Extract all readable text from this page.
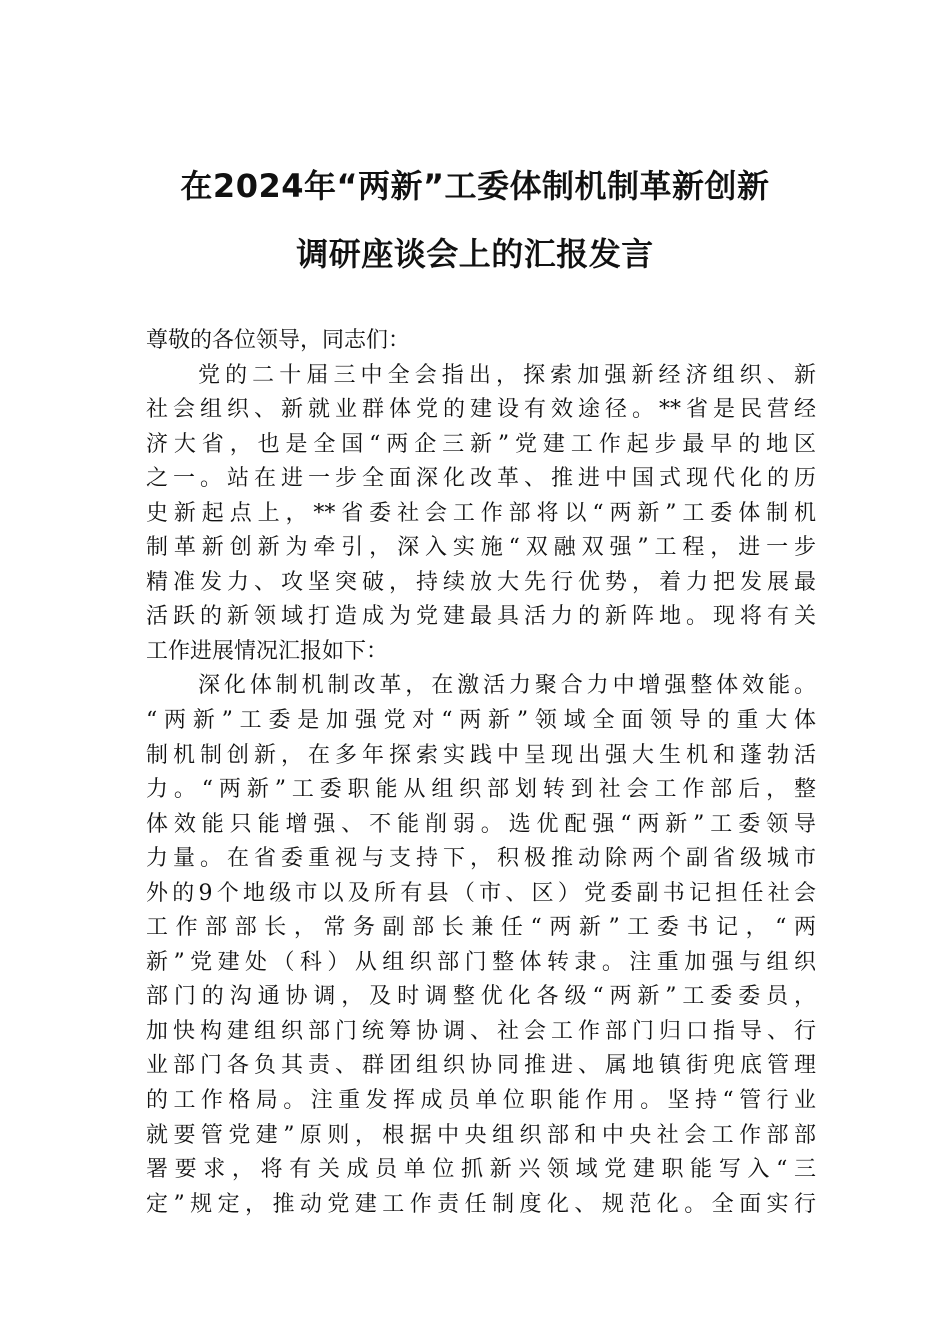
在2024年“两新”工委体制机制革新创新
调研座谈会上的汇报发言
尊敬的各位领导，同志们：
党的二十届三中全会指出，探索加强新经济组织、新
社会组织、新就业群体党的建设有效途径。**省是民营经
济大省，也是全国“两企三新”党建工作起步最早的地区
之一。站在进一步全面深化改革、推进中国式现代化的历
史新起点上，**省委社会工作部将以“两新”工委体制机
制革新创新为牵引，深入实施“双融双强”工程，进一步
精准发力、攻坚突破，持续放大先行优势，着力把发展最
活跃的新领域打造成为党建最具活力的新阵地。现将有关
工作进展情况汇报如下：
深化体制机制改革，在激活力聚合力中增强整体效能。
“两新”工委是加强党对“两新”领域全面领导的重大体
制机制创新，在多年探索实践中呈现出强大生机和蓬勃活
力。“两新”工委职能从组织部划转到社会工作部后，整
体效能只能增强、不能削弱。选优配强“两新”工委领导
力量。在省委重视与支持下，积极推动除两个副省级城市
外的9个地级市以及所有县（市、区）党委副书记担任社会
工作部部长，常务副部长兼任“两新”工委书记，“两
新”党建处（科）从组织部门整体转隶。注重加强与组织
部门的沟通协调，及时调整优化各级“两新”工委委员，
加快构建组织部门统筹协调、社会工作部门归口指导、行
业部门各负其责、群团组织协同推进、属地镇街兜底管理
的工作格局。注重发挥成员单位职能作用。坚持“管行业
就要管党建”原则，根据中央组织部和中央社会工作部部
署要求，将有关成员单位抓新兴领域党建职能写入“三
定”规定，推动党建工作责任制度化、规范化。全面实行
